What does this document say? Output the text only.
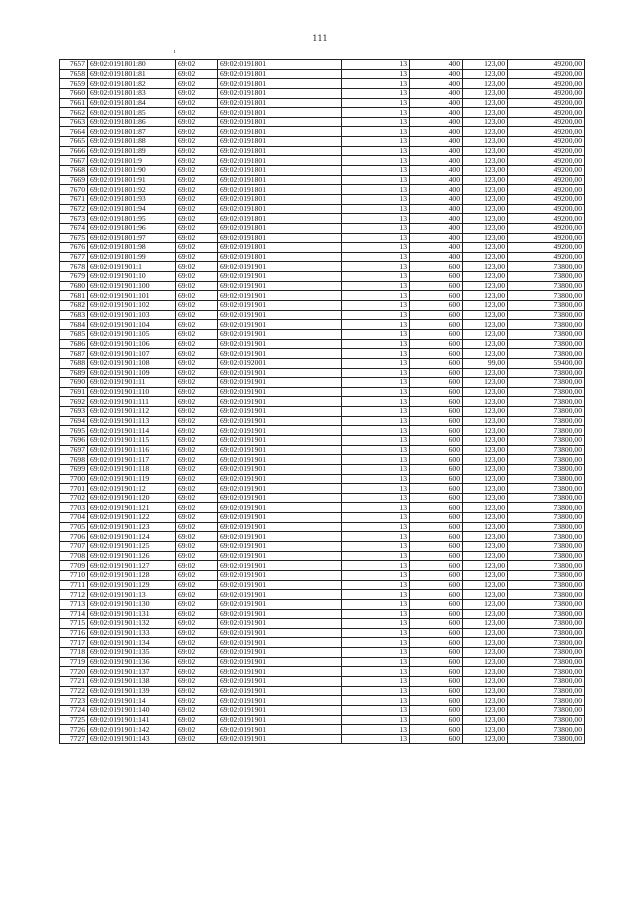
111
7657	69:02:0191801:80	69:02	69:02:0191801	13	400	123,00	49200,00
7658	69:02:0191801:81	69:02	69:02:0191801	13	400	123,00	49200,00
7659	69:02:0191801:82	69:02	69:02:0191801	13	400	123,00	49200,00
7660	69:02:0191801:83	69:02	69:02:0191801	13	400	123,00	49200,00
7661	69:02:0191801:84	69:02	69:02:0191801	13	400	123,00	49200,00
7662	69:02:0191801:85	69:02	69:02:0191801	13	400	123,00	49200,00
7663	69:02:0191801:86	69:02	69:02:0191801	13	400	123,00	49200,00
7664	69:02:0191801:87	69:02	69:02:0191801	13	400	123,00	49200,00
7665	69:02:0191801:88	69:02	69:02:0191801	13	400	123,00	49200,00
7666	69:02:0191801:89	69:02	69:02:0191801	13	400	123,00	49200,00
7667	69:02:0191801:9	69:02	69:02:0191801	13	400	123,00	49200,00
7668	69:02:0191801:90	69:02	69:02:0191801	13	400	123,00	49200,00
7669	69:02:0191801:91	69:02	69:02:0191801	13	400	123,00	49200,00
7670	69:02:0191801:92	69:02	69:02:0191801	13	400	123,00	49200,00
7671	69:02:0191801:93	69:02	69:02:0191801	13	400	123,00	49200,00
7672	69:02:0191801:94	69:02	69:02:0191801	13	400	123,00	49200,00
7673	69:02:0191801:95	69:02	69:02:0191801	13	400	123,00	49200,00
7674	69:02:0191801:96	69:02	69:02:0191801	13	400	123,00	49200,00
7675	69:02:0191801:97	69:02	69:02:0191801	13	400	123,00	49200,00
7676	69:02:0191801:98	69:02	69:02:0191801	13	400	123,00	49200,00
7677	69:02:0191801:99	69:02	69:02:0191801	13	400	123,00	49200,00
7678	69:02:0191901:1	69:02	69:02:0191901	13	600	123,00	73800,00
7679	69:02:0191901:10	69:02	69:02:0191901	13	600	123,00	73800,00
7680	69:02:0191901:100	69:02	69:02:0191901	13	600	123,00	73800,00
7681	69:02:0191901:101	69:02	69:02:0191901	13	600	123,00	73800,00
7682	69:02:0191901:102	69:02	69:02:0191901	13	600	123,00	73800,00
7683	69:02:0191901:103	69:02	69:02:0191901	13	600	123,00	73800,00
7684	69:02:0191901:104	69:02	69:02:0191901	13	600	123,00	73800,00
7685	69:02:0191901:105	69:02	69:02:0191901	13	600	123,00	73800,00
7686	69:02:0191901:106	69:02	69:02:0191901	13	600	123,00	73800,00
7687	69:02:0191901:107	69:02	69:02:0191901	13	600	123,00	73800,00
7688	69:02:0191901:108	69:02	69:02:0192001	13	600	99,00	59400,00
7689	69:02:0191901:109	69:02	69:02:0191901	13	600	123,00	73800,00
7690	69:02:0191901:11	69:02	69:02:0191901	13	600	123,00	73800,00
7691	69:02:0191901:110	69:02	69:02:0191901	13	600	123,00	73800,00
7692	69:02:0191901:111	69:02	69:02:0191901	13	600	123,00	73800,00
7693	69:02:0191901:112	69:02	69:02:0191901	13	600	123,00	73800,00
7694	69:02:0191901:113	69:02	69:02:0191901	13	600	123,00	73800,00
7695	69:02:0191901:114	69:02	69:02:0191901	13	600	123,00	73800,00
7696	69:02:0191901:115	69:02	69:02:0191901	13	600	123,00	73800,00
7697	69:02:0191901:116	69:02	69:02:0191901	13	600	123,00	73800,00
7698	69:02:0191901:117	69:02	69:02:0191901	13	600	123,00	73800,00
7699	69:02:0191901:118	69:02	69:02:0191901	13	600	123,00	73800,00
7700	69:02:0191901:119	69:02	69:02:0191901	13	600	123,00	73800,00
7701	69:02:0191901:12	69:02	69:02:0191901	13	600	123,00	73800,00
7702	69:02:0191901:120	69:02	69:02:0191901	13	600	123,00	73800,00
7703	69:02:0191901:121	69:02	69:02:0191901	13	600	123,00	73800,00
7704	69:02:0191901:122	69:02	69:02:0191901	13	600	123,00	73800,00
7705	69:02:0191901:123	69:02	69:02:0191901	13	600	123,00	73800,00
7706	69:02:0191901:124	69:02	69:02:0191901	13	600	123,00	73800,00
7707	69:02:0191901:125	69:02	69:02:0191901	13	600	123,00	73800,00
7708	69:02:0191901:126	69:02	69:02:0191901	13	600	123,00	73800,00
7709	69:02:0191901:127	69:02	69:02:0191901	13	600	123,00	73800,00
7710	69:02:0191901:128	69:02	69:02:0191901	13	600	123,00	73800,00
7711	69:02:0191901:129	69:02	69:02:0191901	13	600	123,00	73800,00
7712	69:02:0191901:13	69:02	69:02:0191901	13	600	123,00	73800,00
7713	69:02:0191901:130	69:02	69:02:0191901	13	600	123,00	73800,00
7714	69:02:0191901:131	69:02	69:02:0191901	13	600	123,00	73800,00
7715	69:02:0191901:132	69:02	69:02:0191901	13	600	123,00	73800,00
7716	69:02:0191901:133	69:02	69:02:0191901	13	600	123,00	73800,00
7717	69:02:0191901:134	69:02	69:02:0191901	13	600	123,00	73800,00
7718	69:02:0191901:135	69:02	69:02:0191901	13	600	123,00	73800,00
7719	69:02:0191901:136	69:02	69:02:0191901	13	600	123,00	73800,00
7720	69:02:0191901:137	69:02	69:02:0191901	13	600	123,00	73800,00
7721	69:02:0191901:138	69:02	69:02:0191901	13	600	123,00	73800,00
7722	69:02:0191901:139	69:02	69:02:0191901	13	600	123,00	73800,00
7723	69:02:0191901:14	69:02	69:02:0191901	13	600	123,00	73800,00
7724	69:02:0191901:140	69:02	69:02:0191901	13	600	123,00	73800,00
7725	69:02:0191901:141	69:02	69:02:0191901	13	600	123,00	73800,00
7726	69:02:0191901:142	69:02	69:02:0191901	13	600	123,00	73800,00
7727	69:02:0191901:143	69:02	69:02:0191901	13	600	123,00	73800,00
